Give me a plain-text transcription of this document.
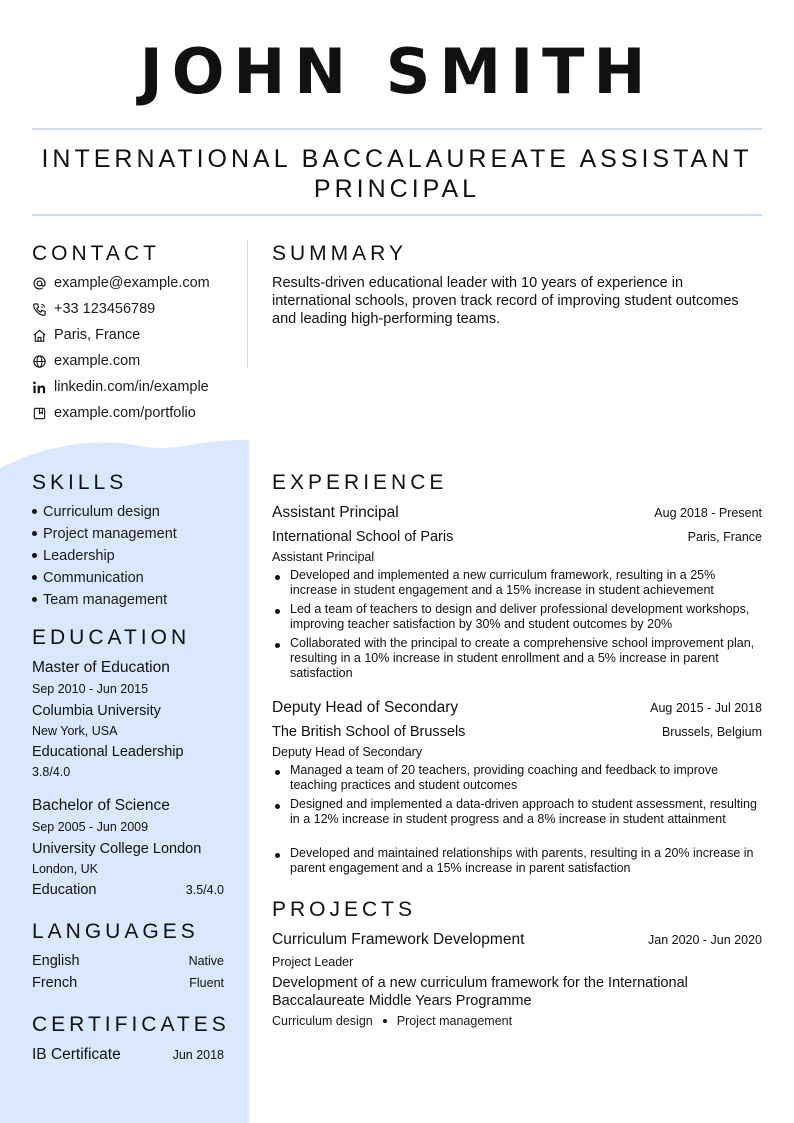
JOHN SMITH
INTERNATIONAL BACCALAUREATE ASSISTANT PRINCIPAL
CONTACT
example@example.com
+33 123456789
Paris, France
example.com
linkedin.com/in/example
example.com/portfolio
SKILLS
Curriculum design
Project management
Leadership
Communication
Team management
EDUCATION
Master of Education
Sep 2010 - Jun 2015
Columbia University
New York, USA
Educational Leadership
3.8/4.0
Bachelor of Science
Sep 2005 - Jun 2009
University College London
London, UK
Education	3.5/4.0
LANGUAGES
English	Native
French	Fluent
CERTIFICATES
IB Certificate	Jun 2018
SUMMARY
Results-driven educational leader with 10 years of experience in international schools, proven track record of improving student outcomes and leading high-performing teams.
EXPERIENCE
Assistant Principal	Aug 2018 - Present
International School of Paris	Paris, France
Assistant Principal
Developed and implemented a new curriculum framework, resulting in a 25% increase in student engagement and a 15% increase in student achievement
Led a team of teachers to design and deliver professional development workshops, improving teacher satisfaction by 30% and student outcomes by 20%
Collaborated with the principal to create a comprehensive school improvement plan, resulting in a 10% increase in student enrollment and a 5% increase in parent satisfaction
Deputy Head of Secondary	Aug 2015 - Jul 2018
The British School of Brussels	Brussels, Belgium
Deputy Head of Secondary
Managed a team of 20 teachers, providing coaching and feedback to improve teaching practices and student outcomes
Designed and implemented a data-driven approach to student assessment, resulting in a 12% increase in student progress and a 8% increase in student attainment
Developed and maintained relationships with parents, resulting in a 20% increase in parent engagement and a 15% increase in parent satisfaction
PROJECTS
Curriculum Framework Development	Jan 2020 - Jun 2020
Project Leader
Development of a new curriculum framework for the International Baccalaureate Middle Years Programme
Curriculum design Project management
